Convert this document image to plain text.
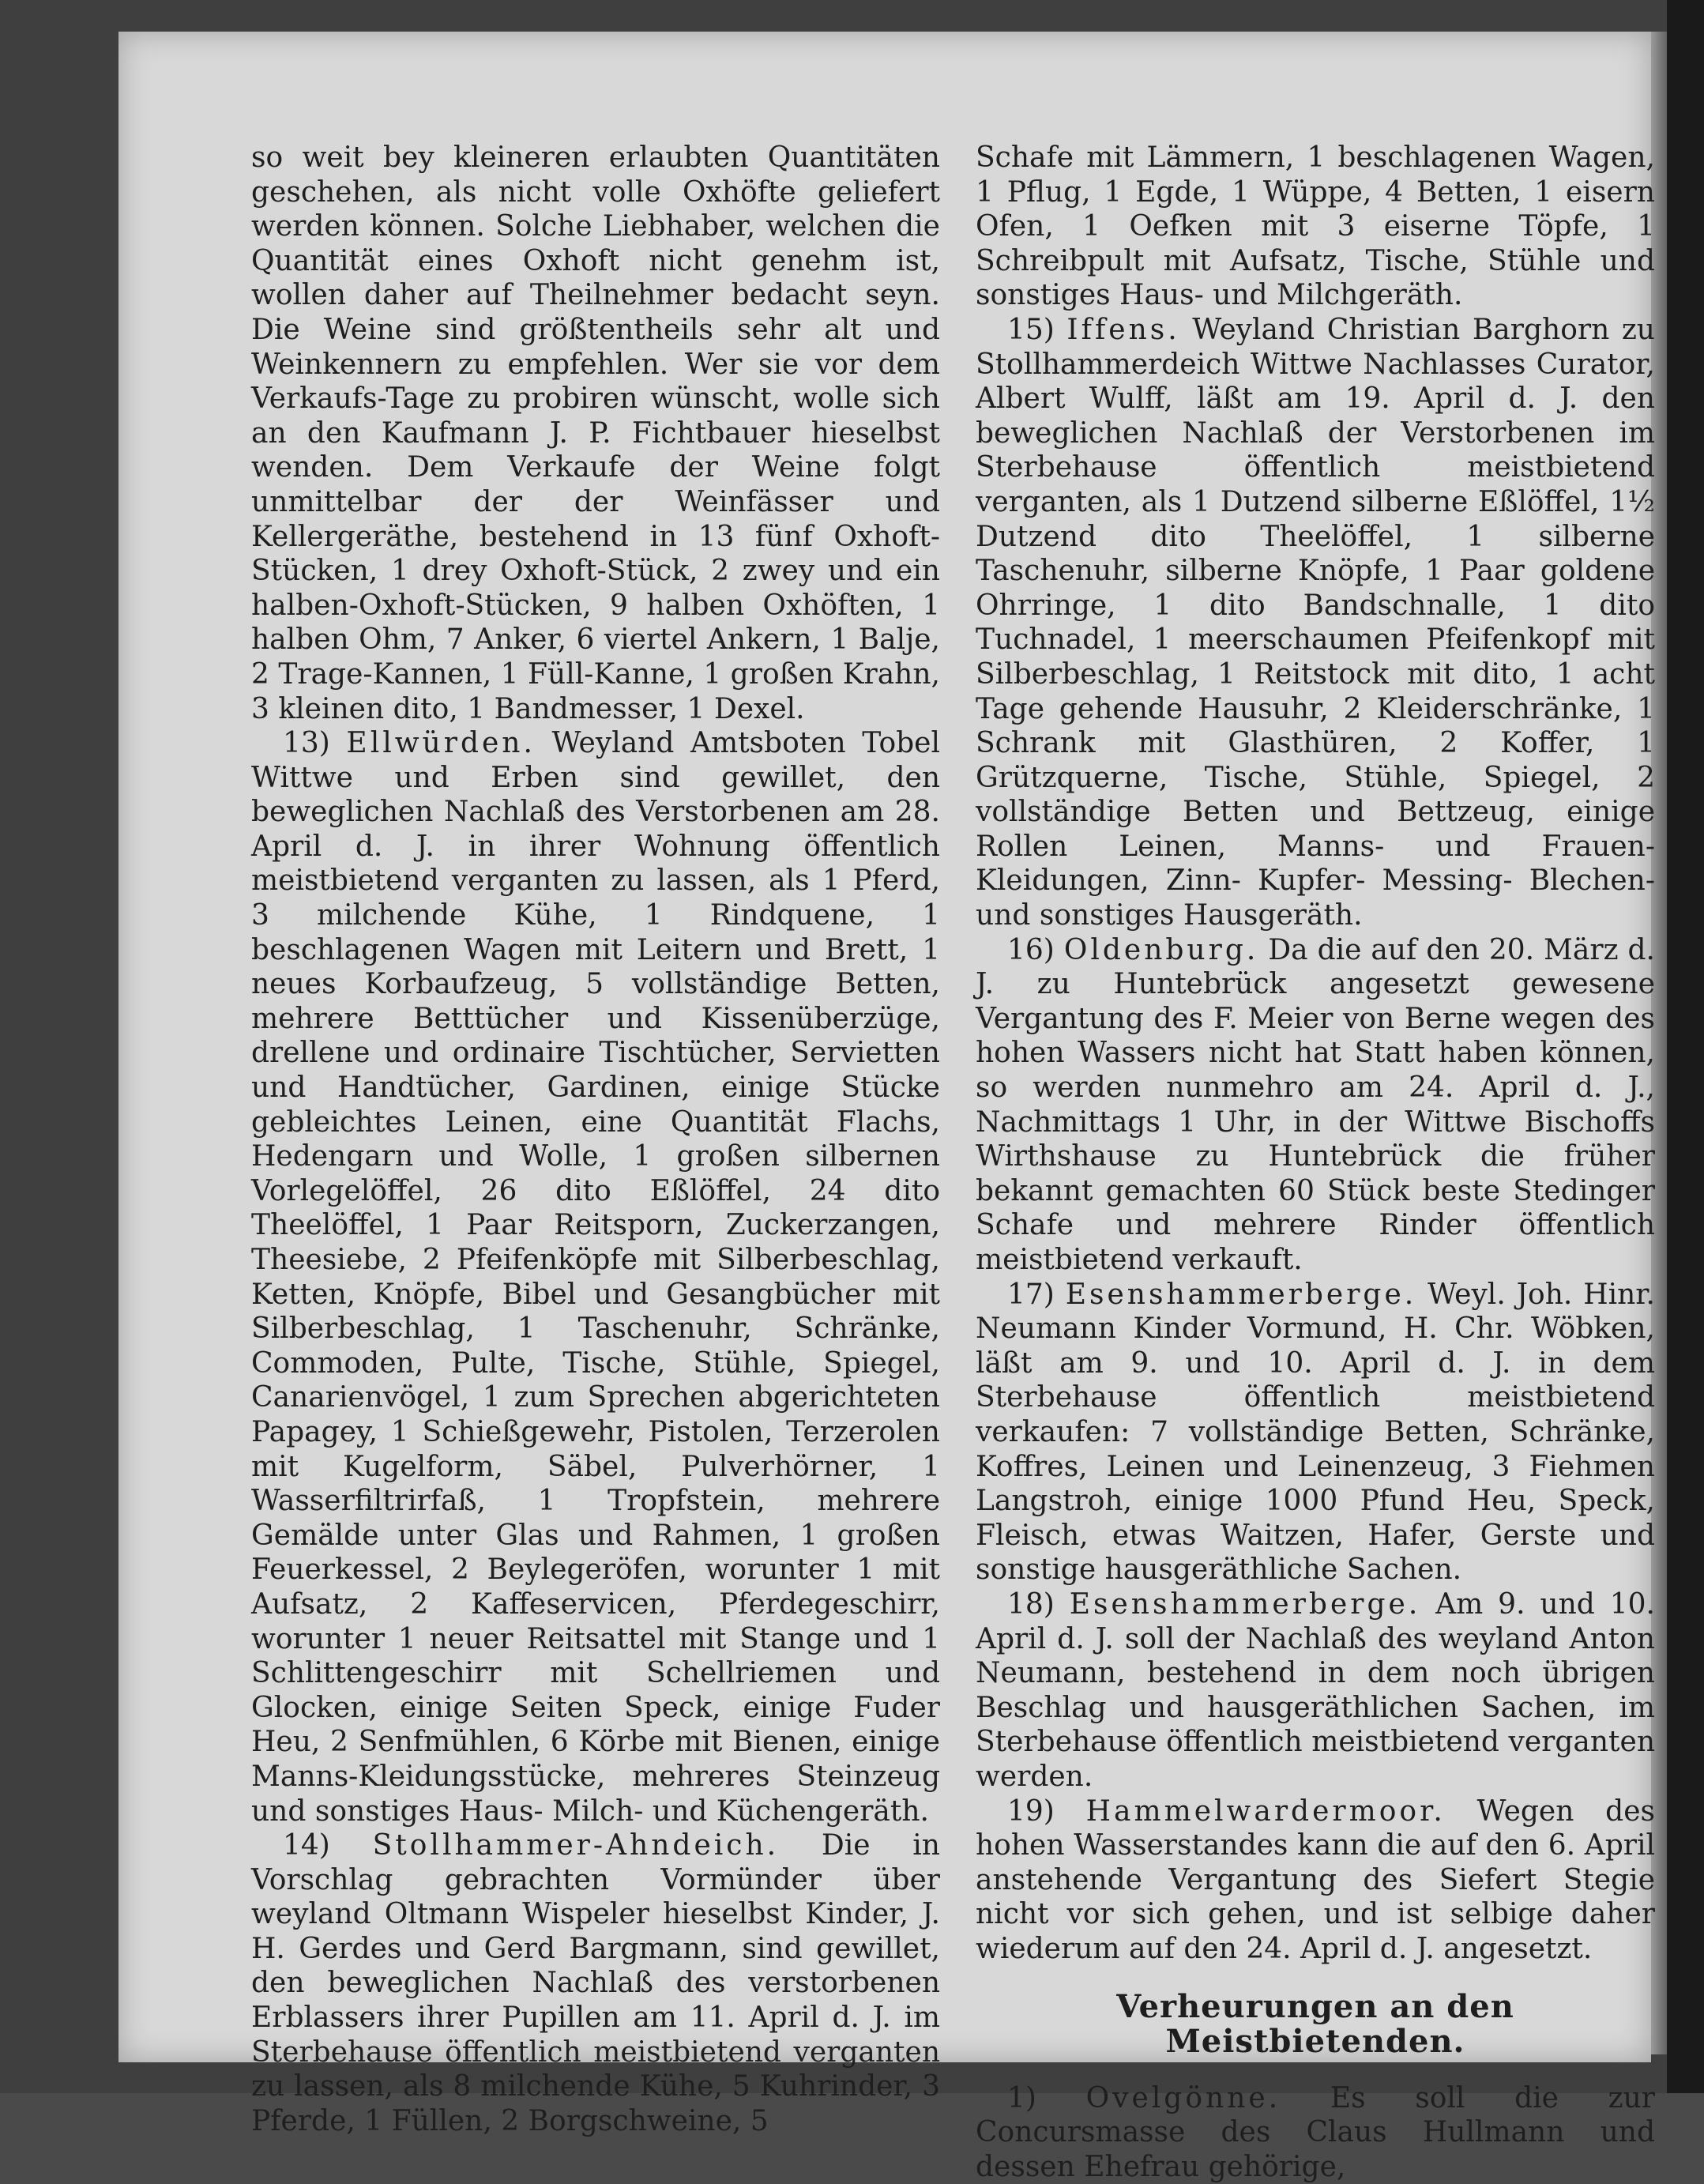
so weit bey kleineren erlaubten Quantitäten geschehen, als nicht volle Oxhöfte geliefert werden können. Solche Liebhaber, welchen die Quantität eines Oxhoft nicht genehm ist, wollen daher auf Theilnehmer bedacht seyn. Die Weine sind größtentheils sehr alt und Weinkennern zu empfehlen. Wer sie vor dem Verkaufs-Tage zu probiren wünscht, wolle sich an den Kaufmann J. P. Fichtbauer hieselbst wenden. Dem Verkaufe der Weine folgt unmittelbar der der Weinfässer und Kellergeräthe, bestehend in 13 fünf Oxhoft-Stücken, 1 drey Oxhoft-Stück, 2 zwey und ein halben-Oxhoft-Stücken, 9 halben Oxhöften, 1 halben Ohm, 7 Anker, 6 viertel Ankern, 1 Balje, 2 Trage-Kannen, 1 Füll-Kanne, 1 großen Krahn, 3 kleinen dito, 1 Bandmesser, 1 Dexel.

13) Ellwürden. Weyland Amtsboten Tobel Wittwe und Erben sind gewillet, den beweglichen Nachlaß des Verstorbenen am 28. April d. J. in ihrer Wohnung öffentlich meistbietend verganten zu lassen, als 1 Pferd, 3 milchende Kühe, 1 Rindquene, 1 beschlagenen Wagen mit Leitern und Brett, 1 neues Korbaufzeug, 5 vollständige Betten, mehrere Betttücher und Kissenüberzüge, drellene und ordinaire Tischtücher, Servietten und Handtücher, Gardinen, einige Stücke gebleichtes Leinen, eine Quantität Flachs, Hedengarn und Wolle, 1 großen silbernen Vorlegelöffel, 26 dito Eßlöffel, 24 dito Theelöffel, 1 Paar Reitsporn, Zuckerzangen, Theesiebe, 2 Pfeifenköpfe mit Silberbeschlag, Ketten, Knöpfe, Bibel und Gesangbücher mit Silberbeschlag, 1 Taschenuhr, Schränke, Commoden, Pulte, Tische, Stühle, Spiegel, Canarienvögel, 1 zum Sprechen abgerichteten Papagey, 1 Schießgewehr, Pistolen, Terzerolen mit Kugelform, Säbel, Pulverhörner, 1 Wasserfiltrirfaß, 1 Tropfstein, mehrere Gemälde unter Glas und Rahmen, 1 großen Feuerkessel, 2 Beylegeröfen, worunter 1 mit Aufsatz, 2 Kaffeservicen, Pferdegeschirr, worunter 1 neuer Reitsattel mit Stange und 1 Schlittengeschirr mit Schellriemen und Glocken, einige Seiten Speck, einige Fuder Heu, 2 Senfmühlen, 6 Körbe mit Bienen, einige Manns-Kleidungsstücke, mehreres Steinzeug und sonstiges Haus- Milch- und Küchengeräth.

14) Stollhammer-Ahndeich. Die in Vorschlag gebrachten Vormünder über weyland Oltmann Wispeler hieselbst Kinder, J. H. Gerdes und Gerd Bargmann, sind gewillet, den beweglichen Nachlaß des verstorbenen Erblassers ihrer Pupillen am 11. April d. J. im Sterbehause öffentlich meistbietend verganten zu lassen, als 8 milchende Kühe, 5 Kuhrinder, 3 Pferde, 1 Füllen, 2 Borgschweine, 5

Schafe mit Lämmern, 1 beschlagenen Wagen, 1 Pflug, 1 Egde, 1 Wüppe, 4 Betten, 1 eisern Ofen, 1 Oefken mit 3 eiserne Töpfe, 1 Schreibpult mit Aufsatz, Tische, Stühle und sonstiges Haus- und Milchgeräth.

15) Iffens. Weyland Christian Barghorn zu Stollhammerdeich Wittwe Nachlasses Curator, Albert Wulff, läßt am 19. April d. J. den beweglichen Nachlaß der Verstorbenen im Sterbehause öffentlich meistbietend verganten, als 1 Dutzend silberne Eßlöffel, 1½ Dutzend dito Theelöffel, 1 silberne Taschenuhr, silberne Knöpfe, 1 Paar goldene Ohrringe, 1 dito Bandschnalle, 1 dito Tuchnadel, 1 meerschaumen Pfeifenkopf mit Silberbeschlag, 1 Reitstock mit dito, 1 acht Tage gehende Hausuhr, 2 Kleiderschränke, 1 Schrank mit Glasthüren, 2 Koffer, 1 Grützquerne, Tische, Stühle, Spiegel, 2 vollständige Betten und Bettzeug, einige Rollen Leinen, Manns- und Frauen-Kleidungen, Zinn- Kupfer- Messing- Blechen- und sonstiges Hausgeräth.

16) Oldenburg. Da die auf den 20. März d. J. zu Huntebrück angesetzt gewesene Vergantung des F. Meier von Berne wegen des hohen Wassers nicht hat Statt haben können, so werden nunmehro am 24. April d. J., Nachmittags 1 Uhr, in der Wittwe Bischoffs Wirthshause zu Huntebrück die früher bekannt gemachten 60 Stück beste Stedinger Schafe und mehrere Rinder öffentlich meistbietend verkauft.

17) Esenshammerberge. Weyl. Joh. Hinr. Neumann Kinder Vormund, H. Chr. Wöbken, läßt am 9. und 10. April d. J. in dem Sterbehause öffentlich meistbietend verkaufen: 7 vollständige Betten, Schränke, Koffres, Leinen und Leinenzeug, 3 Fiehmen Langstroh, einige 1000 Pfund Heu, Speck, Fleisch, etwas Waitzen, Hafer, Gerste und sonstige hausgeräthliche Sachen.

18) Esenshammerberge. Am 9. und 10. April d. J. soll der Nachlaß des weyland Anton Neumann, bestehend in dem noch übrigen Beschlag und hausgeräthlichen Sachen, im Sterbehause öffentlich meistbietend verganten werden.

19) Hammelwardermoor. Wegen des hohen Wasserstandes kann die auf den 6. April anstehende Vergantung des Siefert Stegie nicht vor sich gehen, und ist selbige daher wiederum auf den 24. April d. J. angesetzt.

Verheurungen an den Meistbietenden.

1) Ovelgönne. Es soll die zur Concursmasse des Claus Hullmann und dessen Ehefrau gehörige,
